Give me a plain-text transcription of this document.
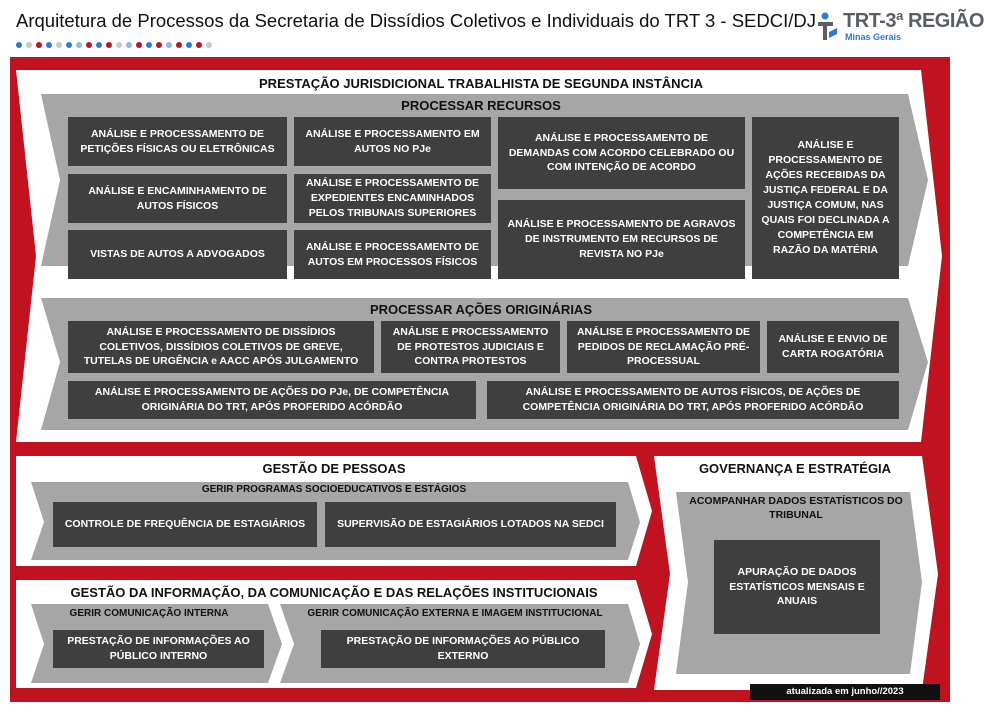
Arquitetura de Processos da Secretaria de Dissídios Coletivos e Individuais do TRT 3 - SEDCI/DJ TRT-3ª REGIÃO
Minas Gerais
PRESTAÇÃO JURISDICIONAL TRABALHISTA DE SEGUNDA INSTÂNCIA
PROCESSAR RECURSOS
ANÁLISE E PROCESSAMENTO DE PETIÇÕES FÍSICAS OU ELETRÔNICAS
ANÁLISE E PROCESSAMENTO EM AUTOS NO PJe
ANÁLISE E PROCESSAMENTO DE DEMANDAS COM ACORDO CELEBRADO OU COM INTENÇÃO DE ACORDO
ANÁLISE E PROCESSAMENTO DE AÇÕES RECEBIDAS DA JUSTIÇA FEDERAL E DA JUSTIÇA COMUM, NAS QUAIS FOI DECLINADA A COMPETÊNCIA EM RAZÃO DA MATÉRIA
ANÁLISE E ENCAMINHAMENTO DE AUTOS FÍSICOS
ANÁLISE E PROCESSAMENTO DE EXPEDIENTES ENCAMINHADOS PELOS TRIBUNAIS SUPERIORES
VISTAS DE AUTOS A ADVOGADOS
ANÁLISE E PROCESSAMENTO DE AUTOS EM PROCESSOS FÍSICOS
ANÁLISE E PROCESSAMENTO DE AGRAVOS DE INSTRUMENTO EM RECURSOS DE REVISTA NO PJe
PROCESSAR AÇÕES ORIGINÁRIAS
ANÁLISE E PROCESSAMENTO DE DISSÍDIOS COLETIVOS, DISSÍDIOS COLETIVOS DE GREVE, TUTELAS DE URGÊNCIA e AACC APÓS JULGAMENTO
ANÁLISE E PROCESSAMENTO DE PROTESTOS JUDICIAIS E CONTRA PROTESTOS
ANÁLISE E PROCESSAMENTO DE PEDIDOS DE RECLAMAÇÃO PRÉ-PROCESSUAL
ANÁLISE E ENVIO DE CARTA ROGATÓRIA
ANÁLISE E PROCESSAMENTO DE AÇÕES DO PJe, DE COMPETÊNCIA ORIGINÁRIA DO TRT, APÓS PROFERIDO ACÓRDÃO
ANÁLISE E PROCESSAMENTO DE AUTOS FÍSICOS, DE AÇÕES DE COMPETÊNCIA ORIGINÁRIA DO TRT, APÓS PROFERIDO ACÓRDÃO
GESTÃO DE PESSOAS
GERIR PROGRAMAS SOCIOEDUCATIVOS E ESTÁGIOS
CONTROLE DE FREQUÊNCIA DE ESTAGIÁRIOS	SUPERVISÃO DE ESTAGIÁRIOS LOTADOS NA SEDCI
GESTÃO DA INFORMAÇÃO, DA COMUNICAÇÃO E DAS RELAÇÕES INSTITUCIONAIS
GERIR COMUNICAÇÃO INTERNA	GERIR COMUNICAÇÃO EXTERNA E IMAGEM INSTITUCIONAL
PRESTAÇÃO DE INFORMAÇÕES AO PÚBLICO INTERNO
PRESTAÇÃO DE INFORMAÇÕES AO PÚBLICO EXTERNO
GOVERNANÇA E ESTRATÉGIA
ACOMPANHAR DADOS ESTATÍSTICOS DO TRIBUNAL
APURAÇÃO DE DADOS ESTATÍSTICOS MENSAIS E ANUAIS
atualizada em junho//2023
